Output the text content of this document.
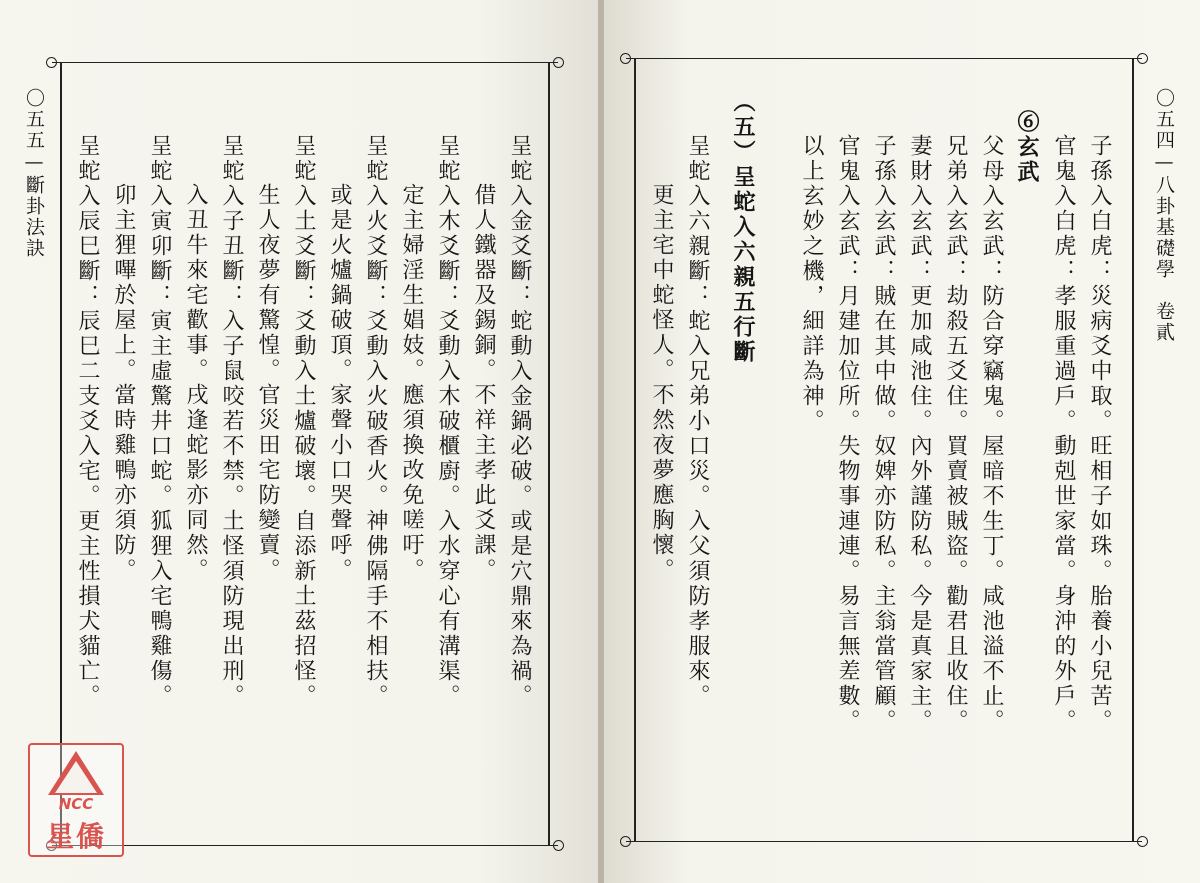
〇五五—斷卦法訣	呈蛇入金爻斷：蛇動入金鍋必破。或是穴鼎來為禍。
借人鐵器及錫銅。不祥主孝此爻課。
呈蛇入木爻斷：爻動入木破櫃廚。入水穿心有溝渠。
定主婦淫生娼妓。應須換改免嗟吁。
呈蛇入火爻斷：爻動入火破香火。神佛隔手不相扶。
或是火爐鍋破頂。家聲小口哭聲呼。
呈蛇入土爻斷：爻動入土爐破壞。自添新土茲招怪。
生人夜夢有驚惶。官災田宅防變賣。
呈蛇入子丑斷：入子鼠咬若不禁。土怪須防現出刑。
入丑牛來宅歡事。戌逢蛇影亦同然。
呈蛇入寅卯斷：寅主虛驚井口蛇。狐狸入宅鴨雞傷。
卯主狸嗶於屋上。當時雞鴨亦須防。
呈蛇入辰巳斷：辰巳二支爻入宅。更主性損犬貓亡。
NCC
星僑
〇五四—八卦基礎學　卷貳
子孫入白虎：災病爻中取。旺相子如珠。胎養小兒苦。
官鬼入白虎：孝服重過戶。動剋世家當。身沖的外戶。
⑥玄武
父母入玄武：防合穿竊鬼。屋暗不生丁。咸池溢不止。
兄弟入玄武：劫殺五爻住。買賣被賊盜。勸君且收住。
妻財入玄武：更加咸池住。內外謹防私。今是真家主。
子孫入玄武：賊在其中做。奴婢亦防私。主翁當管顧。
官鬼入玄武：月建加位所。失物事連連。易言無差數。
以上玄妙之機，細詳為神。
（五）呈蛇入六親五行斷
呈蛇入六親斷：蛇入兄弟小口災。入父須防孝服來。
更主宅中蛇怪人。不然夜夢應胸懷。
